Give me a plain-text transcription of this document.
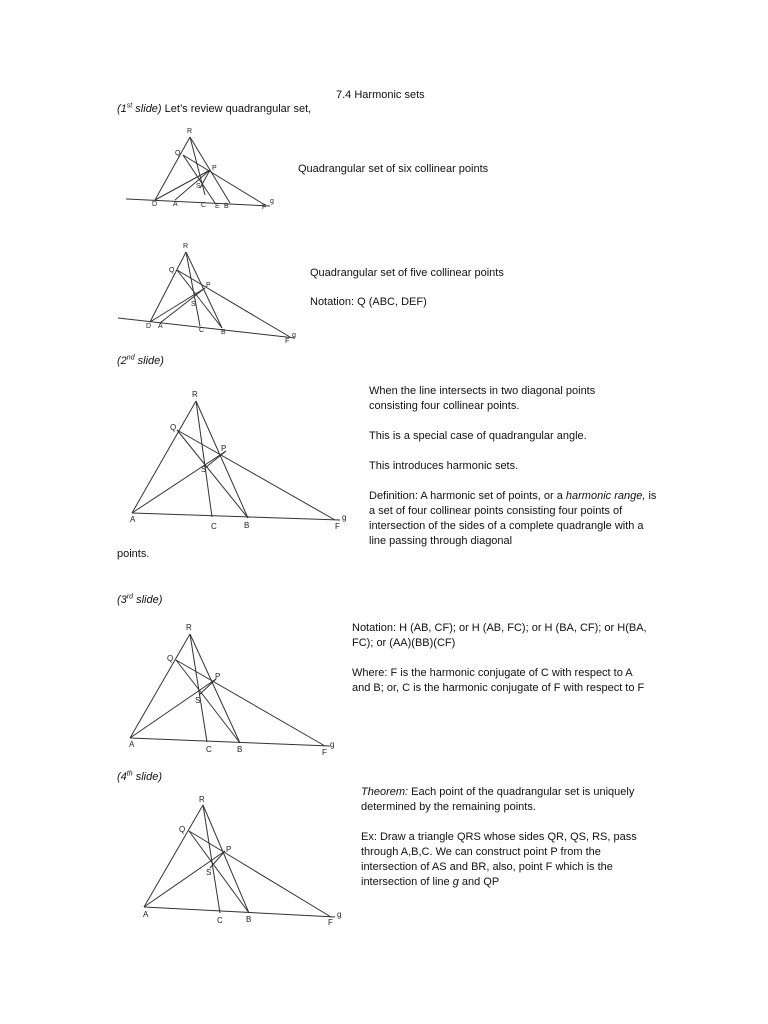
7.4 Harmonic sets
(1st slide) Let’s review quadrangular set,
R
Q
P
S
D A	C E B	F
g
Quadrangular set of six collinear points
R
Q
P
S
D A
C B
F
g
Quadrangular set of five collinear points
Notation: Q (ABC, DEF)
(2nd slide)
R
Q
P
S
A
C	B	F
g
When the line intersects in two diagonal points consisting four collinear points.
This is a special case of quadrangular angle.
This introduces harmonic sets.
Definition: A harmonic set of points, or a harmonic range, is a set of four collinear points consisting four points of intersection of the sides of a complete quadrangle with a line passing through diagonal
points.
(3rd slide)
R
Q
P
S
A
C	B	F
g
Notation: H (AB, CF); or H (AB, FC); or H (BA, CF); or H(BA, FC); or (AA)(BB)(CF)
Where: F is the harmonic conjugate of C with respect to A and B; or, C is the harmonic conjugate of F with respect to F
(4th slide)
R
Q
P
S
A
C	B	F
g
Theorem: Each point of the quadrangular set is uniquely determined by the remaining points.
Ex: Draw a triangle QRS whose sides QR, QS, RS, pass through A,B,C. We can construct point P from the intersection of AS and BR, also, point F which is the intersection of line g and QP
